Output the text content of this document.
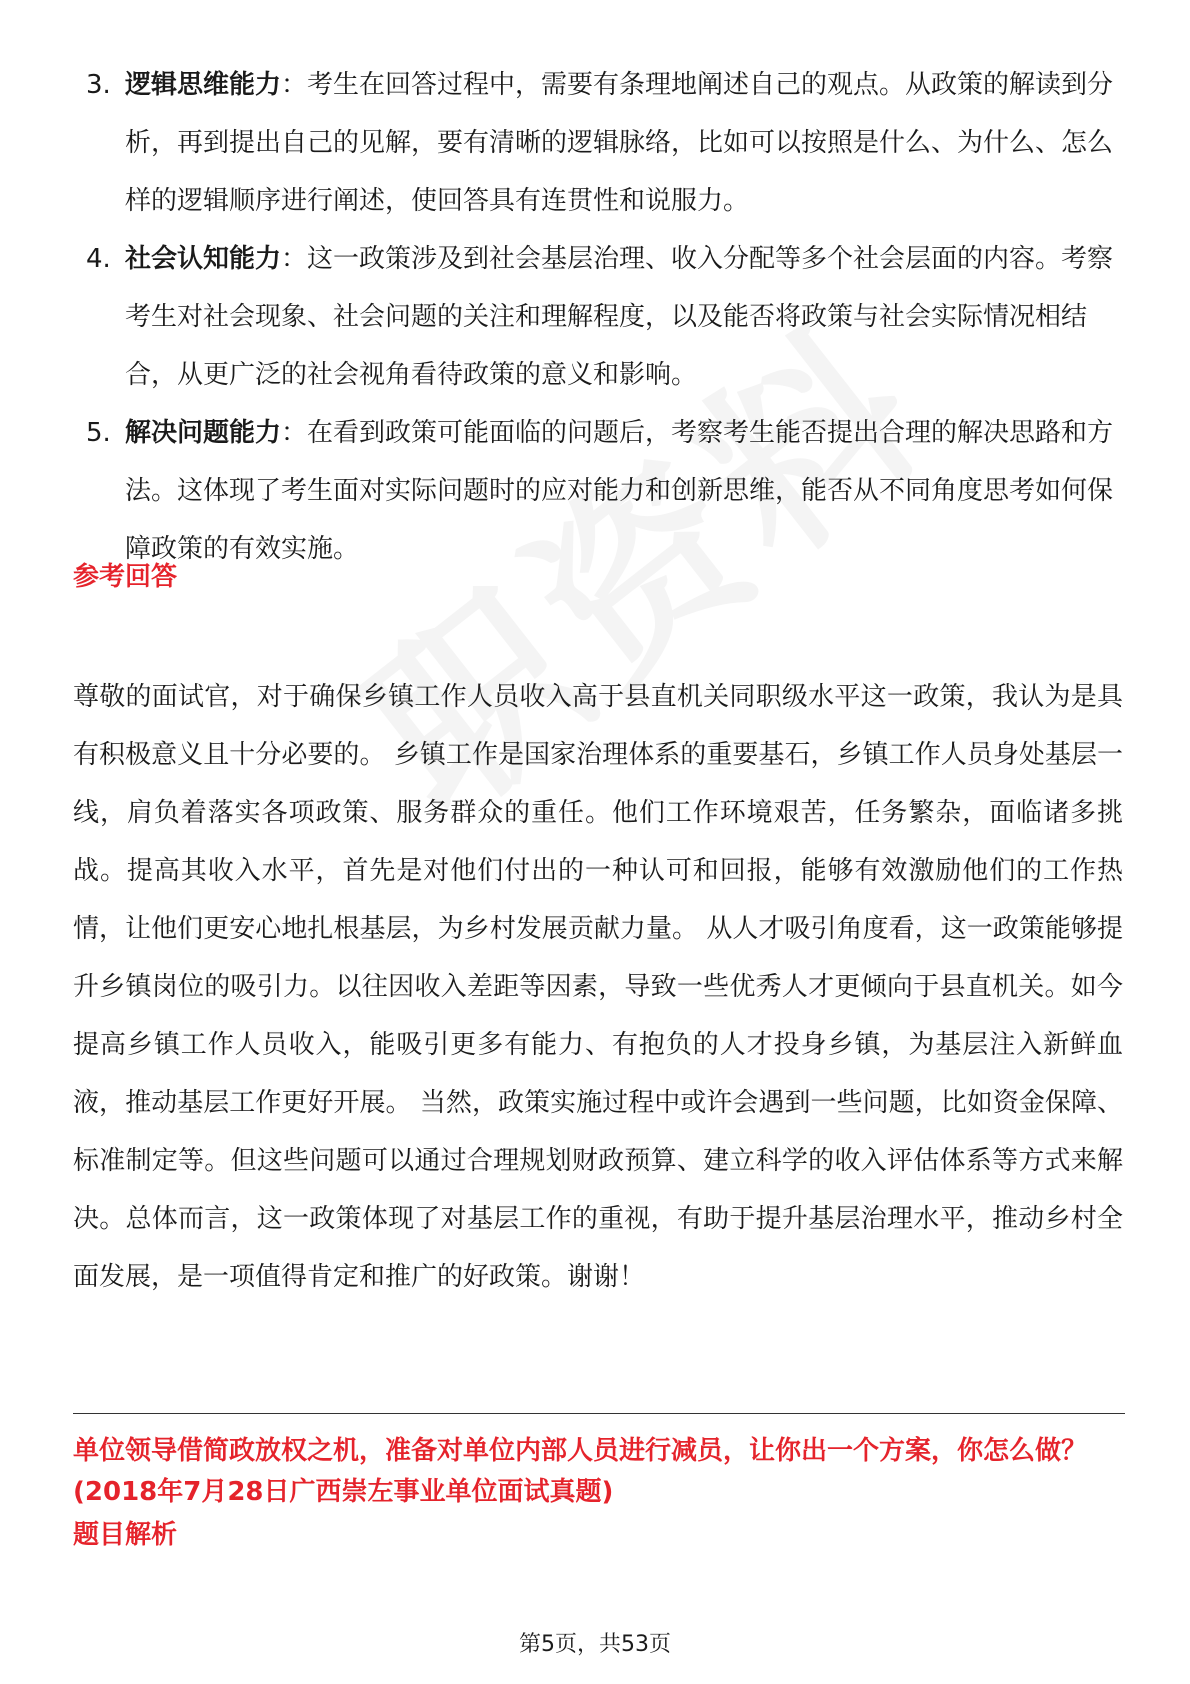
3. 逻辑思维能力：考生在回答过程中，需要有条理地阐述自己的观点。从政策的解读到分析，再到提出自己的见解，要有清晰的逻辑脉络，比如可以按照是什么、为什么、怎么样的逻辑顺序进行阐述，使回答具有连贯性和说服力。
4. 社会认知能力：这一政策涉及到社会基层治理、收入分配等多个社会层面的内容。考察考生对社会现象、社会问题的关注和理解程度，以及能否将政策与社会实际情况相结合，从更广泛的社会视角看待政策的意义和影响。
5. 解决问题能力：在看到政策可能面临的问题后，考察考生能否提出合理的解决思路和方法。这体现了考生面对实际问题时的应对能力和创新思维，能否从不同角度思考如何保障政策的有效实施。
参考回答

尊敬的面试官，对于确保乡镇工作人员收入高于县直机关同职级水平这一政策，我认为是具有积极意义且十分必要的。 乡镇工作是国家治理体系的重要基石，乡镇工作人员身处基层一线，肩负着落实各项政策、服务群众的重任。他们工作环境艰苦，任务繁杂，面临诸多挑战。提高其收入水平，首先是对他们付出的一种认可和回报，能够有效激励他们的工作热情，让他们更安心地扎根基层，为乡村发展贡献力量。 从人才吸引角度看，这一政策能够提升乡镇岗位的吸引力。以往因收入差距等因素，导致一些优秀人才更倾向于县直机关。如今提高乡镇工作人员收入，能吸引更多有能力、有抱负的人才投身乡镇，为基层注入新鲜血液，推动基层工作更好开展。 当然，政策实施过程中或许会遇到一些问题，比如资金保障、标准制定等。但这些问题可以通过合理规划财政预算、建立科学的收入评估体系等方式来解决。总体而言，这一政策体现了对基层工作的重视，有助于提升基层治理水平，推动乡村全面发展，是一项值得肯定和推广的好政策。谢谢！

单位领导借简政放权之机，准备对单位内部人员进行减员，让你出一个方案，你怎么做？(2018年7月28日广西崇左事业单位面试真题)

题目解析
第5页，共53页
